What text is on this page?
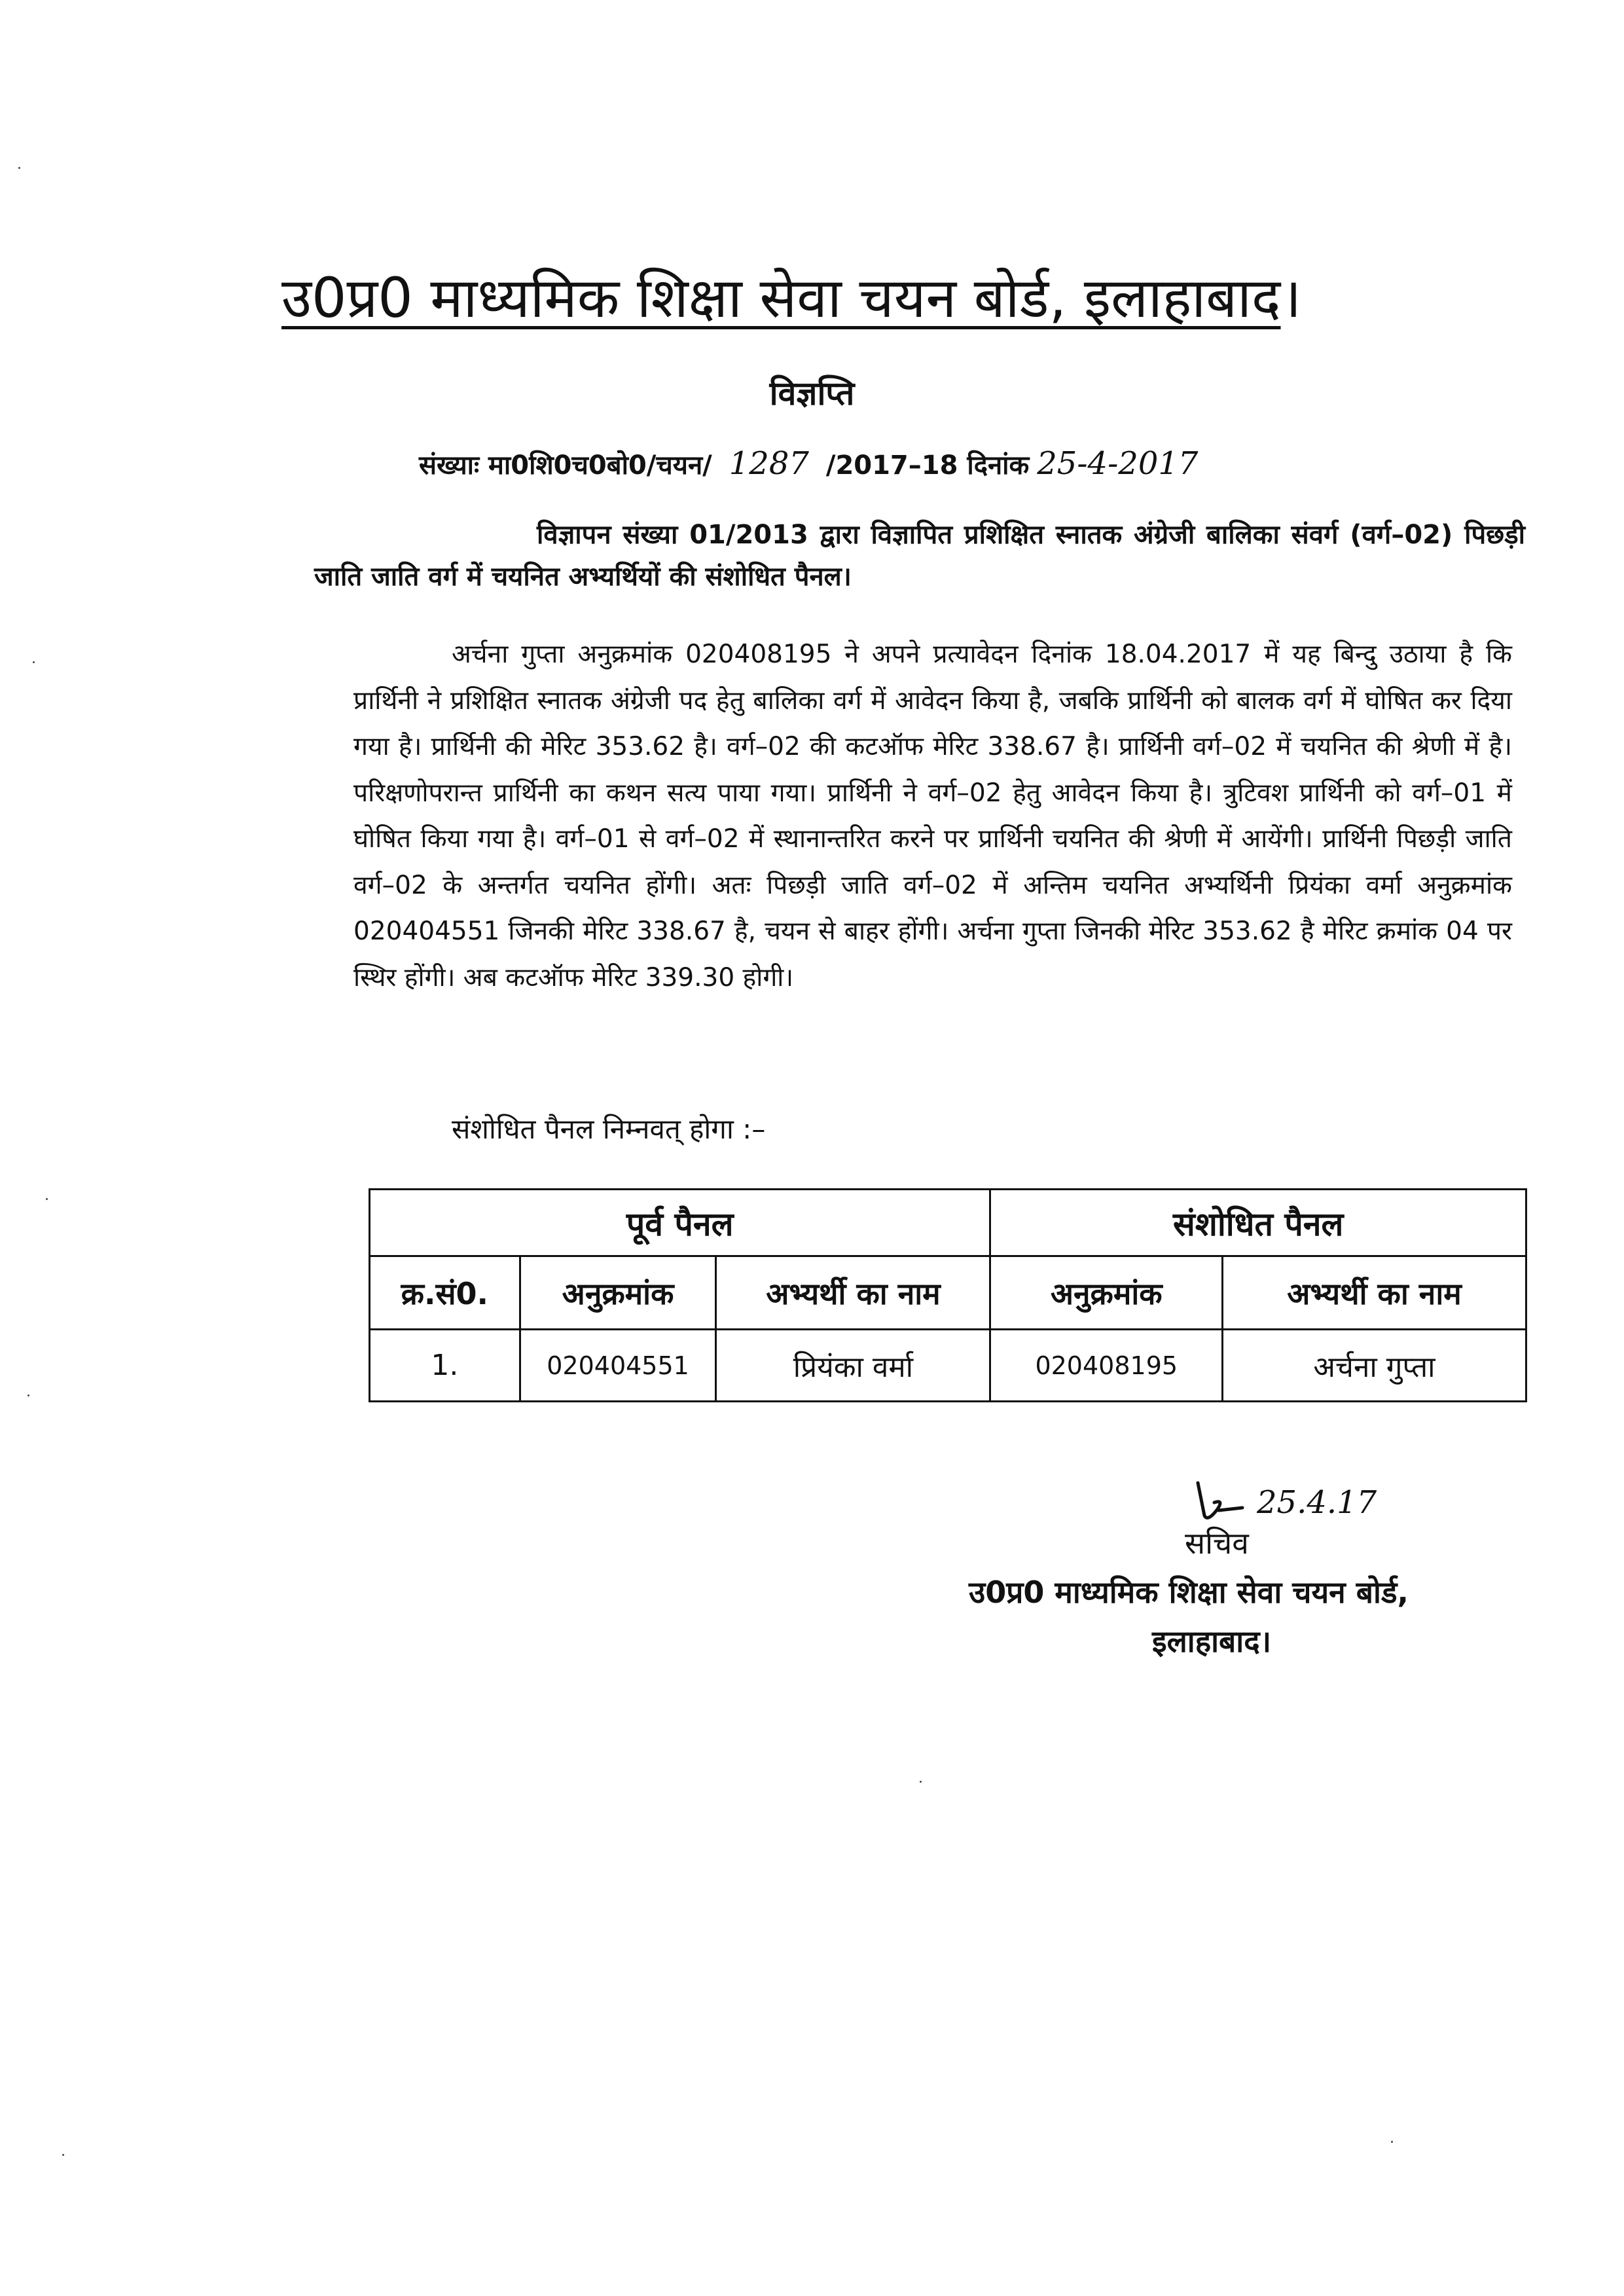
उ0प्र0 माध्यमिक शिक्षा सेवा चयन बोर्ड, इलाहाबाद।
विज्ञप्ति
संख्याः मा0शि0च0बो0/चयन/ 1287 /2017–18 दिनांक 25-4-2017
विज्ञापन संख्या 01/2013 द्वारा विज्ञापित प्रशिक्षित स्नातक अंग्रेजी बालिका संवर्ग (वर्ग–02) पिछड़ी जाति जाति वर्ग में चयनित अभ्यर्थियों की संशोधित पैनल।
अर्चना गुप्ता अनुक्रमांक 020408195 ने अपने प्रत्यावेदन दिनांक 18.04.2017 में यह बिन्दु उठाया है कि प्रार्थिनी ने प्रशिक्षित स्नातक अंग्रेजी पद हेतु बालिका वर्ग में आवेदन किया है, जबकि प्रार्थिनी को बालक वर्ग में घोषित कर दिया गया है। प्रार्थिनी की मेरिट 353.62 है। वर्ग–02 की कटऑफ मेरिट 338.67 है। प्रार्थिनी वर्ग–02 में चयनित की श्रेणी में है। परिक्षणोपरान्त प्रार्थिनी का कथन सत्य पाया गया। प्रार्थिनी ने वर्ग–02 हेतु आवेदन किया है। त्रुटिवश प्रार्थिनी को वर्ग–01 में घोषित किया गया है। वर्ग–01 से वर्ग–02 में स्थानान्तरित करने पर प्रार्थिनी चयनित की श्रेणी में आयेंगी। प्रार्थिनी पिछड़ी जाति वर्ग–02 के अन्तर्गत चयनित होंगी। अतः पिछड़ी जाति वर्ग–02 में अन्तिम चयनित अभ्यर्थिनी प्रियंका वर्मा अनुक्रमांक 020404551 जिनकी मेरिट 338.67 है, चयन से बाहर होंगी। अर्चना गुप्ता जिनकी मेरिट 353.62 है मेरिट क्रमांक 04 पर स्थिर होंगी। अब कटऑफ मेरिट 339.30 होगी।
संशोधित पैनल निम्नवत् होगा :–
पूर्व पैनल			संशोधित पैनल	
क्र.सं0.	अनुक्रमांक	अभ्यर्थी का नाम	अनुक्रमांक	अभ्यर्थी का नाम
1.	020404551	प्रियंका वर्मा	020408195	अर्चना गुप्ता
25.4.17
सचिव
उ0प्र0 माध्यमिक शिक्षा सेवा चयन बोर्ड,
इलाहाबाद।
